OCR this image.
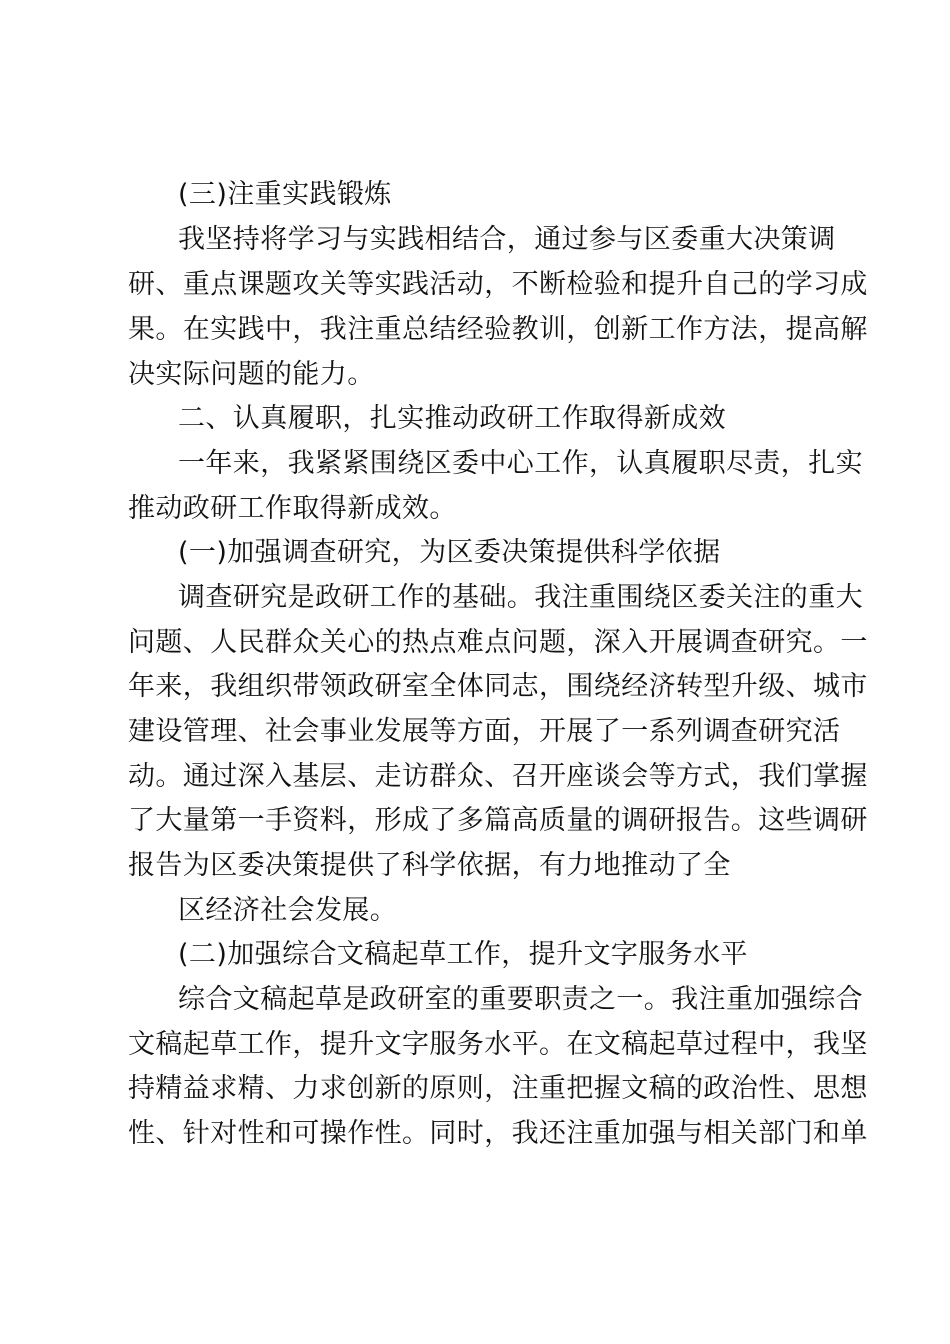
(三)注重实践锻炼
我坚持将学习与实践相结合，通过参与区委重大决策调
研、重点课题攻关等实践活动，不断检验和提升自己的学习成
果。在实践中，我注重总结经验教训，创新工作方法，提高解
决实际问题的能力。
二、认真履职，扎实推动政研工作取得新成效
一年来，我紧紧围绕区委中心工作，认真履职尽责，扎实
推动政研工作取得新成效。
(一)加强调查研究，为区委决策提供科学依据
调查研究是政研工作的基础。我注重围绕区委关注的重大
问题、人民群众关心的热点难点问题，深入开展调查研究。一
年来，我组织带领政研室全体同志，围绕经济转型升级、城市
建设管理、社会事业发展等方面，开展了一系列调查研究活
动。通过深入基层、走访群众、召开座谈会等方式，我们掌握
了大量第一手资料，形成了多篇高质量的调研报告。这些调研
报告为区委决策提供了科学依据，有力地推动了全
区经济社会发展。
(二)加强综合文稿起草工作，提升文字服务水平
综合文稿起草是政研室的重要职责之一。我注重加强综合
文稿起草工作，提升文字服务水平。在文稿起草过程中，我坚
持精益求精、力求创新的原则，注重把握文稿的政治性、思想
性、针对性和可操作性。同时，我还注重加强与相关部门和单
